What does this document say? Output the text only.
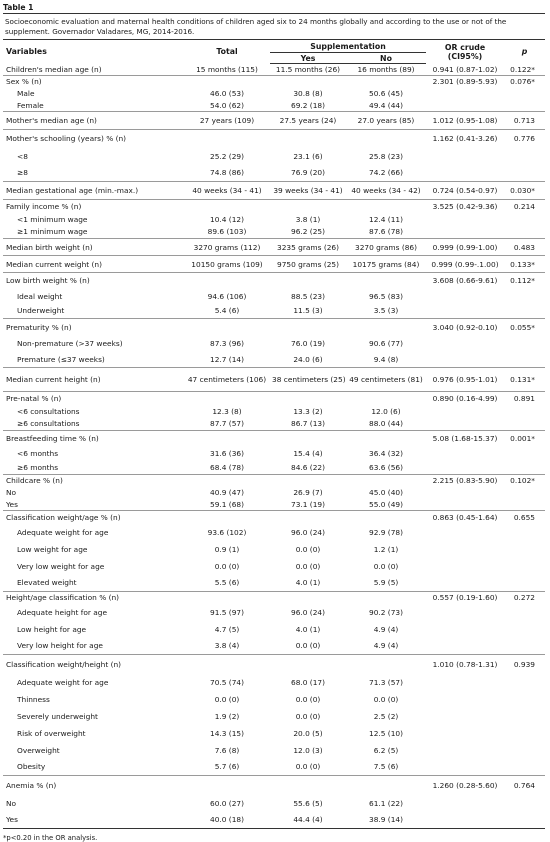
Table 1
Socioeconomic evaluation and maternal health conditions of children aged six to 24 months globally and according to the use or not of the supplement. Governador Valadares, MG, 2014-2016.
Variables	Total	Supplementation		OR crude (CI95%)	p
		Yes	No		
Children's median age (n)	15 months (115)	11.5 months (26)	16 months (89)	0.941 (0.87-1.02)	0.122*
Sex % (n)				2.301 (0.89-5.93)	0.076*
Male	46.0 (53)	30.8 (8)	50.6 (45)		
Female	54.0 (62)	69.2 (18)	49.4 (44)		
Mother's median age (n)	27 years (109)	27.5 years (24)	27.0 years (85)	1.012 (0.95-1.08)	0.713
Mother's schooling (years) % (n)				1.162 (0.41-3.26)	0.776
<8	25.2 (29)	23.1 (6)	25.8 (23)		
≥8	74.8 (86)	76.9 (20)	74.2 (66)		
Median gestational age (min.-max.)	40 weeks (34 - 41)	39 weeks (34 - 41)	40 weeks (34 - 42)	0.724 (0.54-0.97)	0.030*
Family income % (n)				3.525 (0.42-9.36)	0.214
<1 minimum wage	10.4 (12)	3.8 (1)	12.4 (11)		
≥1 minimum wage	89.6 (103)	96.2 (25)	87.6 (78)		
Median birth weight (n)	3270 grams (112)	3235 grams (26)	3270 grams (86)	0.999 (0.99-1.00)	0.483
Median current weight (n)	10150 grams (109)	9750 grams (25)	10175 grams (84)	0.999 (0.99-.1.00)	0.133*
Low birth weight % (n)				3.608 (0.66-9.61)	0.112*
Ideal weight	94.6 (106)	88.5 (23)	96.5 (83)		
Underweight	5.4 (6)	11.5 (3)	3.5 (3)		
Prematurity % (n)				3.040 (0.92-0.10)	0.055*
Non-premature (>37 weeks)	87.3 (96)	76.0 (19)	90.6 (77)		
Premature (≤37 weeks)	12.7 (14)	24.0 (6)	9.4 (8)		
Median current height (n)	47 centimeters (106)	38 centimeters (25)	49 centimeters (81)	0.976 (0.95-1.01)	0.131*
Pre-natal % (n)				0.890 (0.16-4.99)	0.891
<6 consultations	12.3 (8)	13.3 (2)	12.0 (6)		
≥6 consultations	87.7 (57)	86.7 (13)	88.0 (44)		
Breastfeeding time % (n)				5.08 (1.68-15.37)	0.001*
<6 months	31.6 (36)	15.4 (4)	36.4 (32)		
≥6 months	68.4 (78)	84.6 (22)	63.6 (56)		
Childcare % (n)				2.215 (0.83-5.90)	0.102*
No	40.9 (47)	26.9 (7)	45.0 (40)		
Yes	59.1 (68)	73.1 (19)	55.0 (49)		
Classification weight/age % (n)				0.863 (0.45-1.64)	0.655
Adequate weight for age	93.6 (102)	96.0 (24)	92.9 (78)		
Low weight for age	0.9 (1)	0.0 (0)	1.2 (1)		
Very low weight for age	0.0 (0)	0.0 (0)	0.0 (0)		
Elevated weight	5.5 (6)	4.0 (1)	5.9 (5)		
Height/age classification % (n)				0.557 (0.19-1.60)	0.272
Adequate height for age	91.5 (97)	96.0 (24)	90.2 (73)		
Low height for age	4.7 (5)	4.0 (1)	4.9 (4)		
Very low height for age	3.8 (4)	0.0 (0)	4.9 (4)		
Classification weight/height (n)				1.010 (0.78-1.31)	0.939
Adequate weight for age	70.5 (74)	68.0 (17)	71.3 (57)		
Thinness	0.0 (0)	0.0 (0)	0.0 (0)		
Severely underweight	1.9 (2)	0.0 (0)	2.5 (2)		
Risk of overweight	14.3 (15)	20.0 (5)	12.5 (10)		
Overweight	7.6 (8)	12.0 (3)	6.2 (5)		
Obesity	5.7 (6)	0.0 (0)	7.5 (6)		
Anemia % (n)				1.260 (0.28-5.60)	0.764
No	60.0 (27)	55.6 (5)	61.1 (22)		
Yes	40.0 (18)	44.4 (4)	38.9 (14)		
*p<0.20 in the OR analysis.
